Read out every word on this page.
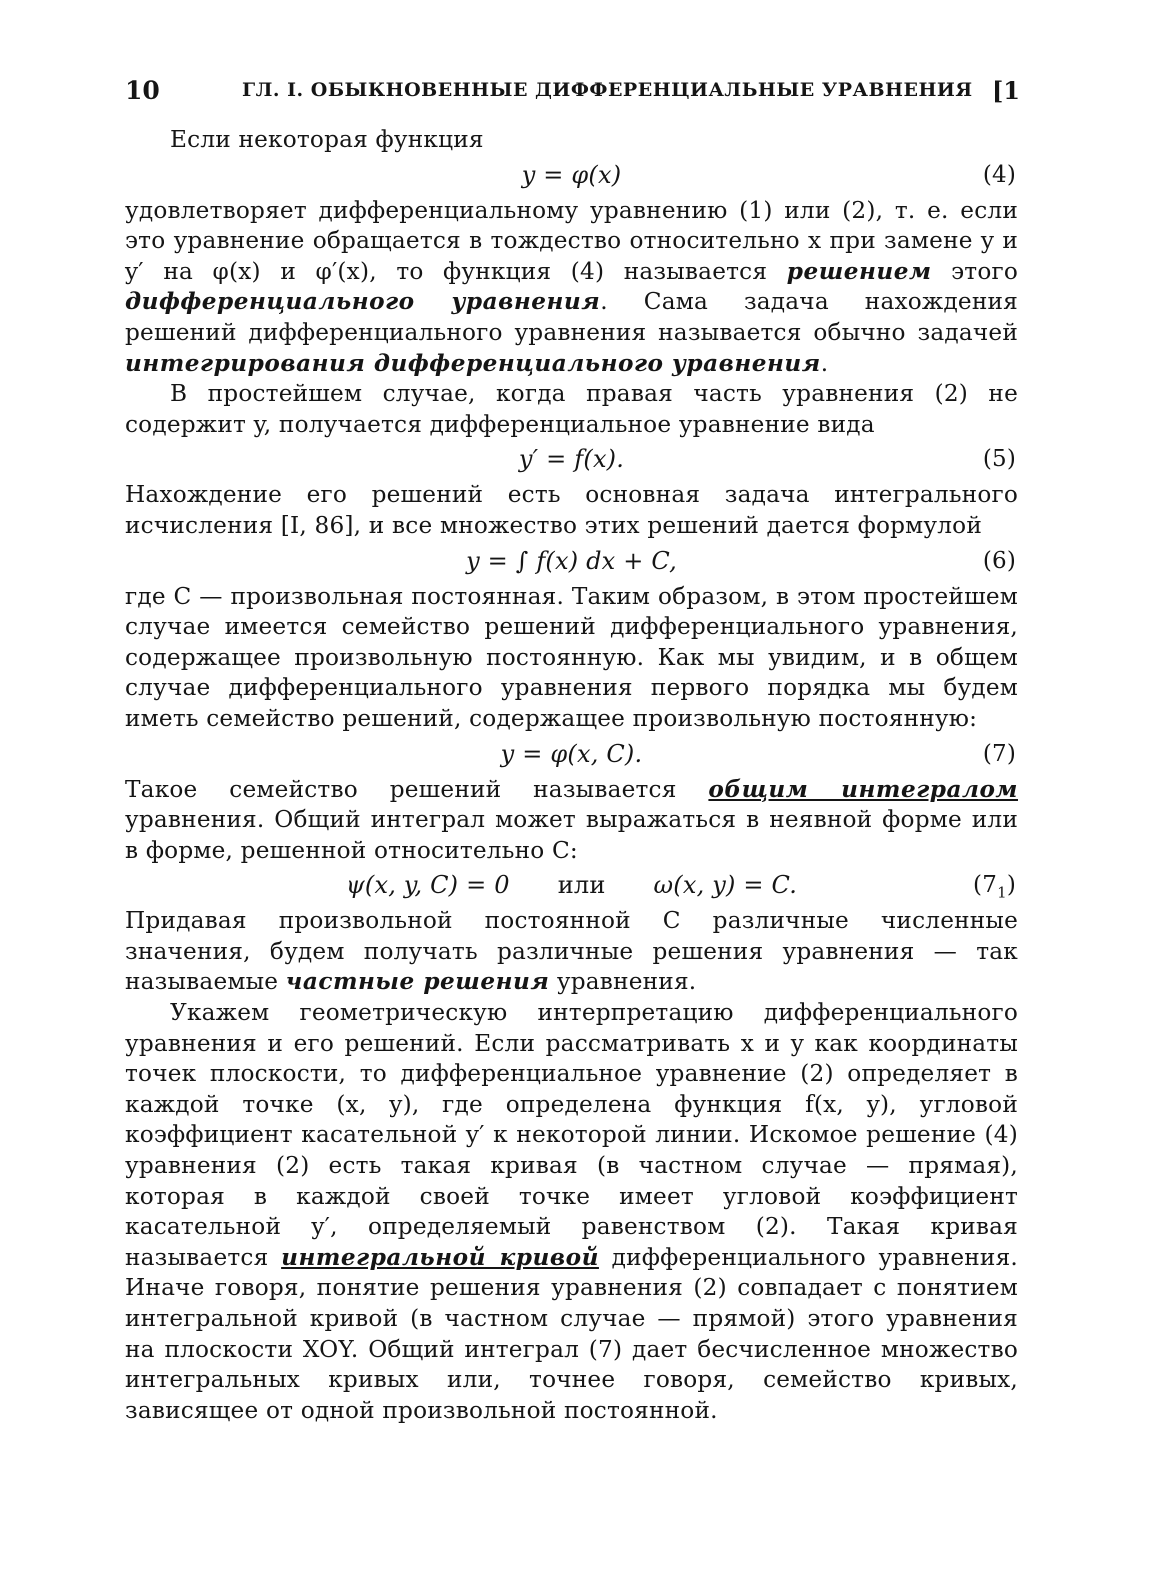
10	ГЛ. I. ОБЫКНОВЕННЫЕ ДИФФЕРЕНЦИАЛЬНЫЕ УРАВНЕНИЯ [1

Если некоторая функция

y = φ(x)	(4)

удовлетворяет дифференциальному уравнению (1) или (2), т. е. если это уравнение обращается в тождество относительно x при замене y и y′ на φ(x) и φ′(x), то функция (4) называется решением этого дифференциального уравнения. Сама задача нахождения решений дифференциального уравнения называется обычно задачей интегрирования дифференциального уравнения.

В простейшем случае, когда правая часть уравнения (2) не содержит y, получается дифференциальное уравнение вида

y′ = f(x).	(5)

Нахождение его решений есть основная задача интегрального исчисления [I, 86], и все множество этих решений дается формулой

y = ∫ f(x) dx + C,	(6)

где C — произвольная постоянная. Таким образом, в этом простейшем случае имеется семейство решений дифференциального уравнения, содержащее произвольную постоянную. Как мы увидим, и в общем случае дифференциального уравнения первого порядка мы будем иметь семейство решений, содержащее произвольную постоянную:

y = φ(x, C).	(7)

Такое семейство решений называется общим интегралом уравнения. Общий интеграл может выражаться в неявной форме или в форме, решенной относительно C:

ψ(x, y, C) = 0 или ω(x, y) = C.	$(7_1)$

Придавая произвольной постоянной C различные численные значения, будем получать различные решения уравнения — так называемые частные решения уравнения.

Укажем геометрическую интерпретацию дифференциального уравнения и его решений. Если рассматривать x и y как координаты точек плоскости, то дифференциальное уравнение (2) определяет в каждой точке (x, y), где определена функция f(x, y), угловой коэффициент касательной y′ к некоторой линии. Искомое решение (4) уравнения (2) есть такая кривая (в частном случае — прямая), которая в каждой своей точке имеет угловой коэффициент касательной y′, определяемый равенством (2). Такая кривая называется интегральной кривой дифференциального уравнения. Иначе говоря, понятие решения уравнения (2) совпадает с понятием интегральной кривой (в частном случае — прямой) этого уравнения на плоскости XOY. Общий интеграл (7) дает бесчисленное множество интегральных кривых или, точнее говоря, семейство кривых, зависящее от одной произвольной постоянной.
